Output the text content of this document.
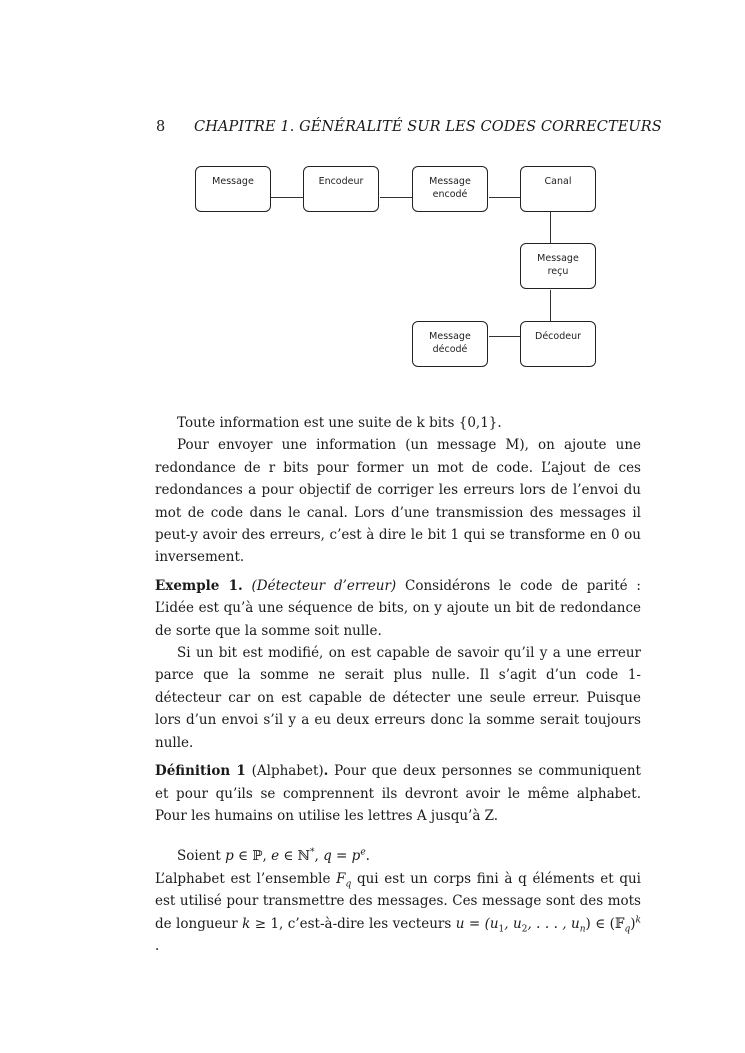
8 CHAPITRE 1. GÉNÉRALITÉ SUR LES CODES CORRECTEURS
Message	Encodeur	Message
encodé
Canal
Message
reçu
Décodeur
Message
décodé
Toute information est une suite de k bits {0,1}.
Pour envoyer une information (un message M), on ajoute une redondance de r bits pour former un mot de code. L’ajout de ces redondances a pour objectif de corriger les erreurs lors de l’envoi du mot de code dans le canal. Lors d’une transmission des messages il peut-y avoir des erreurs, c’est à dire le bit 1 qui se transforme en 0 ou inversement.
Exemple 1. (Détecteur d’erreur) Considérons le code de parité : L’idée est qu’à une séquence de bits, on y ajoute un bit de redondance de sorte que la somme soit nulle.
Si un bit est modifié, on est capable de savoir qu’il y a une erreur parce que la somme ne serait plus nulle. Il s’agit d’un code 1-détecteur car on est capable de détecter une seule erreur. Puisque lors d’un envoi s’il y a eu deux erreurs donc la somme serait toujours nulle.
Définition 1 (Alphabet). Pour que deux personnes se communiquent et pour qu’ils se comprennent ils devront avoir le même alphabet. Pour les humains on utilise les lettres A jusqu’à Z.
Soient p ∈ ℙ, e ∈ ℕ*, $q = p^e$.
L’alphabet est l’ensemble $F_q$ qui est un corps fini à q éléments et qui est utilisé pour transmettre des messages. Ces message sont des mots de longueur k ≥ 1, c’est-à-dire les vecteurs $u = (u_1$, $u_2$, . . . , $u_n$) ∈ (𝔽$_q$)$^k$ .
